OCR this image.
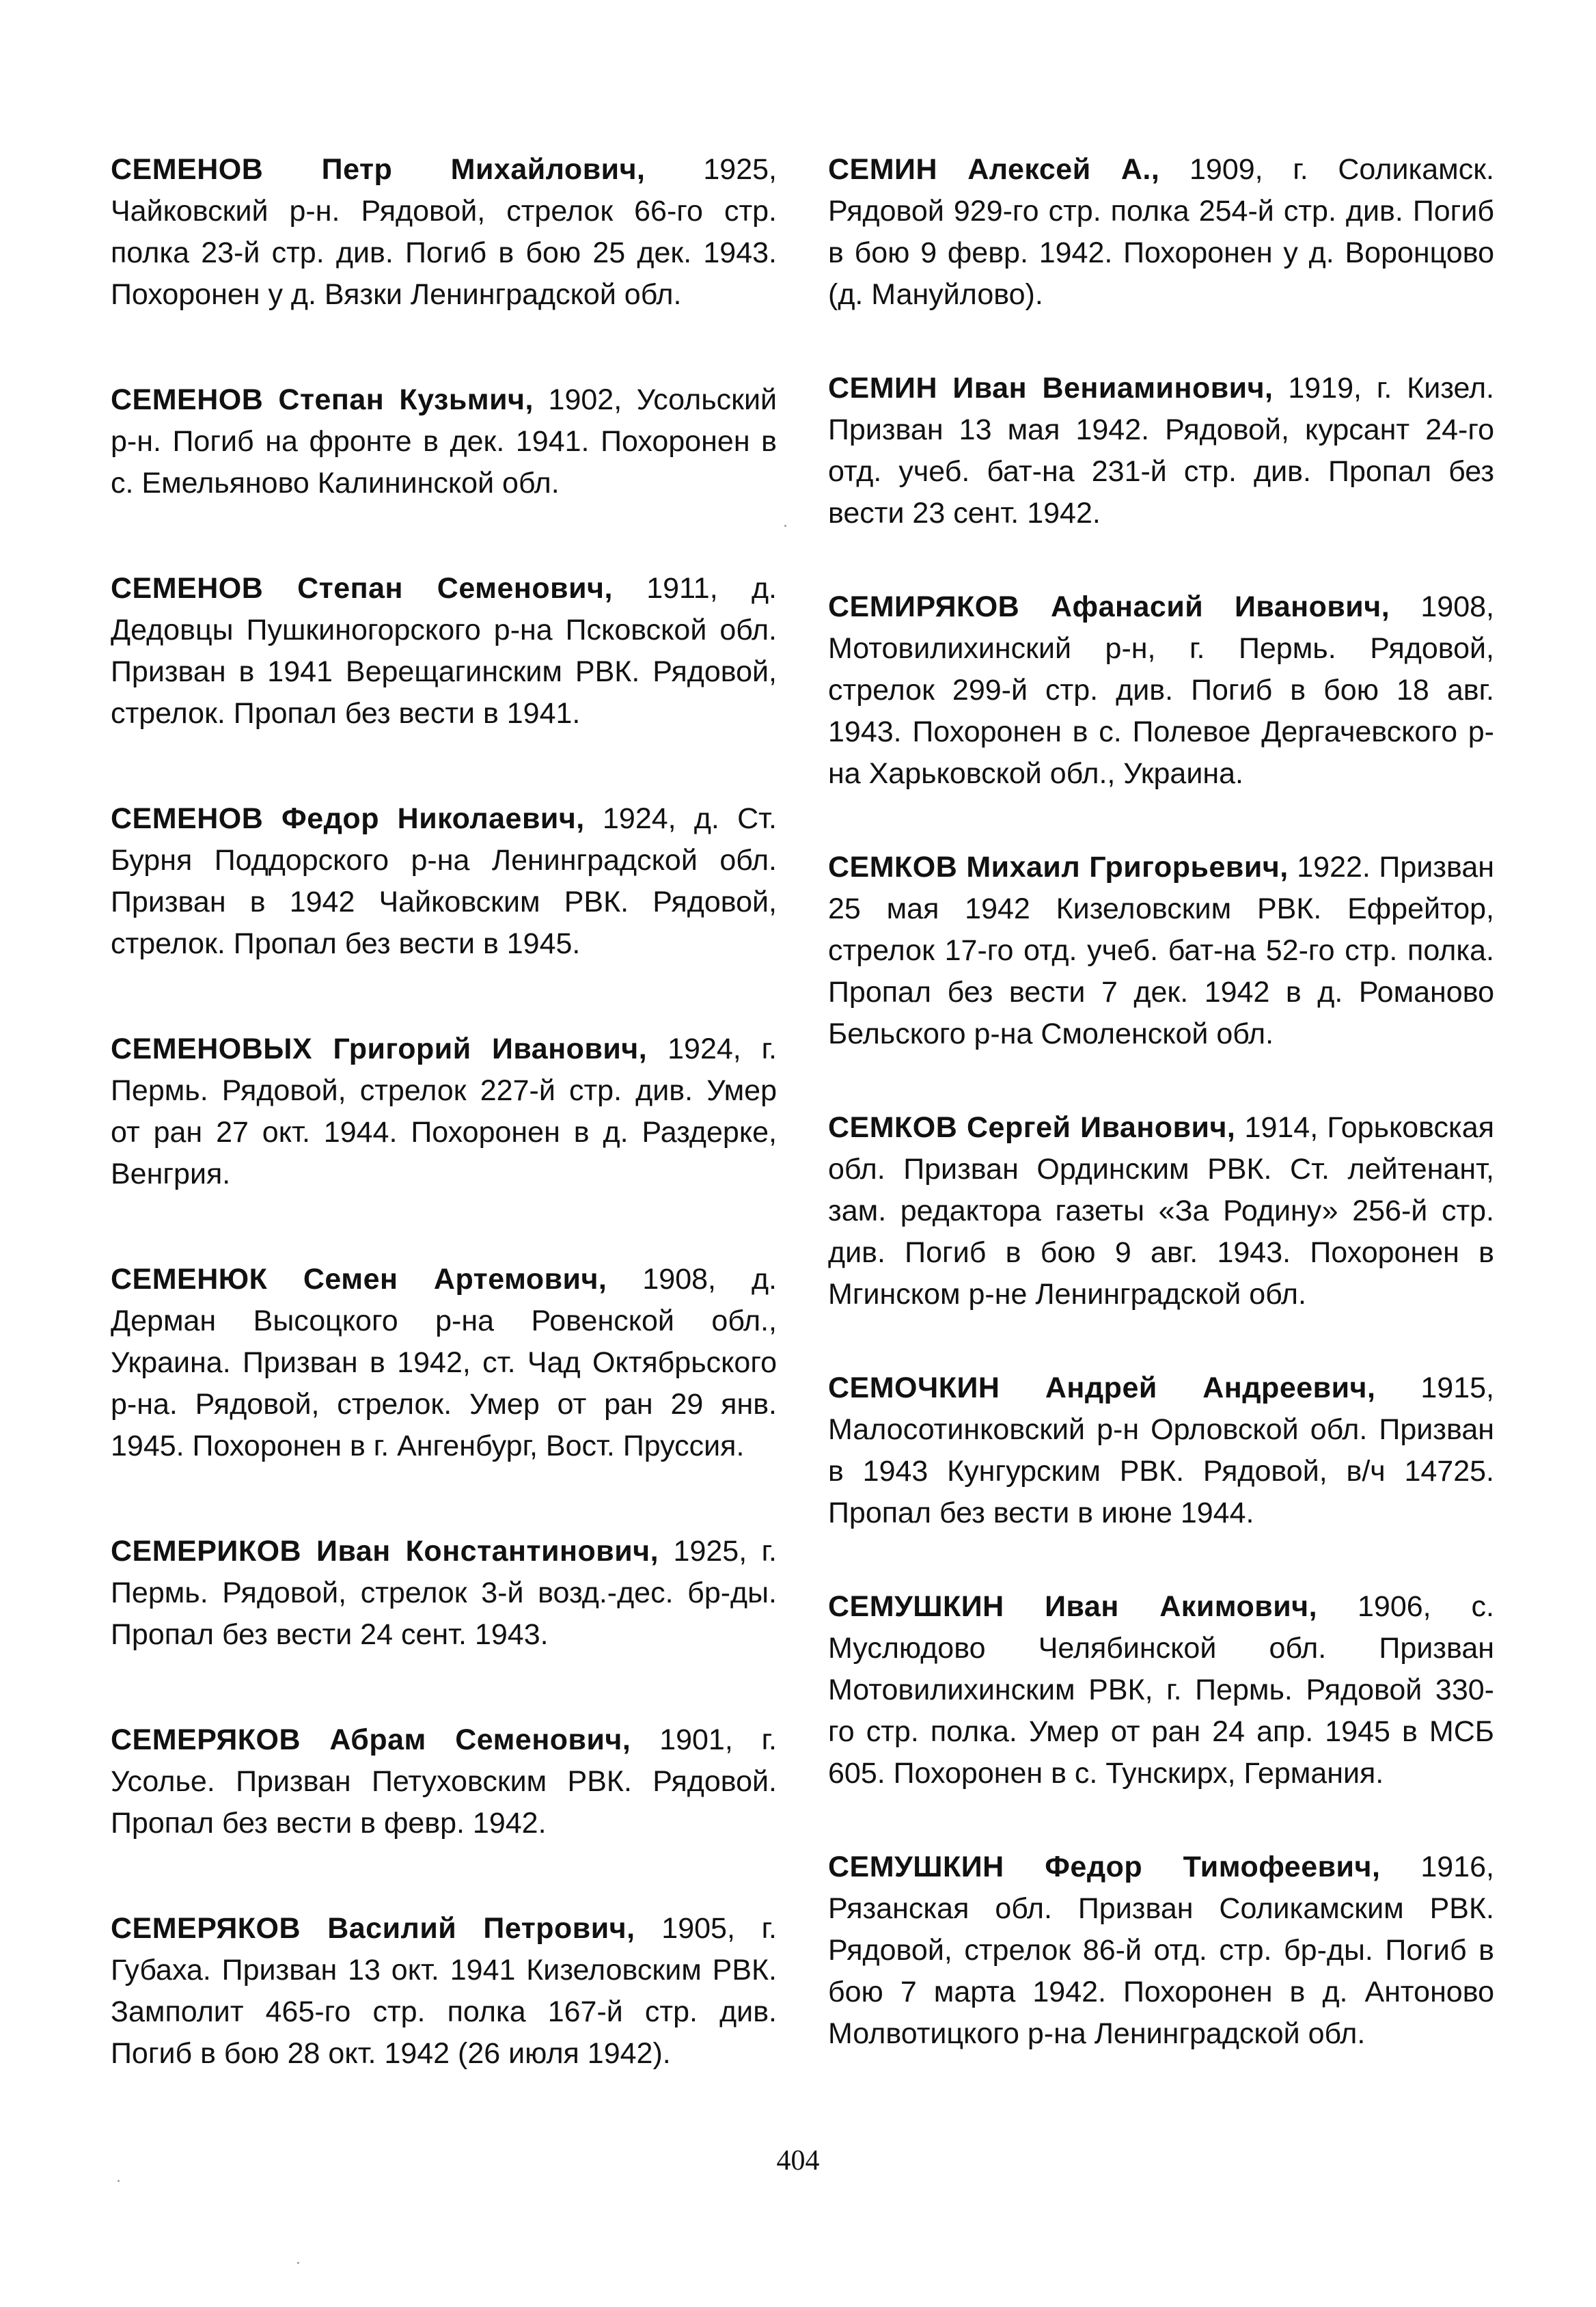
СЕМЕНОВ Петр Михайлович, 1925, Чайковский р-н. Рядовой, стрелок 66-го стр. полка 23-й стр. див. Погиб в бою 25 дек. 1943. Похоронен у д. Вязки Ленинградской обл.

СЕМЕНОВ Степан Кузьмич, 1902, Усольский р-н. Погиб на фронте в дек. 1941. Похоронен в с. Емельяново Калининской обл.

СЕМЕНОВ Степан Семенович, 1911, д. Дедовцы Пушкиногорского р-на Псковской обл. Призван в 1941 Верещагинским РВК. Рядовой, стрелок. Пропал без вести в 1941.

СЕМЕНОВ Федор Николаевич, 1924, д. Ст. Бурня Поддорского р-на Ленинградской обл. Призван в 1942 Чайковским РВК. Рядовой, стрелок. Пропал без вести в 1945.

СЕМЕНОВЫХ Григорий Иванович, 1924, г. Пермь. Рядовой, стрелок 227-й стр. див. Умер от ран 27 окт. 1944. Похоронен в д. Раздерке, Венгрия.

СЕМЕНЮК Семен Артемович, 1908, д. Дерман Высоцкого р-на Ровенской обл., Украина. Призван в 1942, ст. Чад Октябрьского р-на. Рядовой, стрелок. Умер от ран 29 янв. 1945. Похоронен в г. Ангенбург, Вост. Пруссия.

СЕМЕРИКОВ Иван Константинович, 1925, г. Пермь. Рядовой, стрелок 3-й возд.-дес. бр-ды. Пропал без вести 24 сент. 1943.

СЕМЕРЯКОВ Абрам Семенович, 1901, г. Усолье. Призван Петуховским РВК. Рядовой. Пропал без вести в февр. 1942.

СЕМЕРЯКОВ Василий Петрович, 1905, г. Губаха. Призван 13 окт. 1941 Кизеловским РВК. Замполит 465-го стр. полка 167-й стр. див. Погиб в бою 28 окт. 1942 (26 июля 1942).

СЕМИН Алексей А., 1909, г. Соликамск. Рядовой 929-го стр. полка 254-й стр. див. Погиб в бою 9 февр. 1942. Похоронен у д. Воронцово (д. Мануйлово).

СЕМИН Иван Вениаминович, 1919, г. Кизел. Призван 13 мая 1942. Рядовой, курсант 24-го отд. учеб. бат-на 231-й стр. див. Пропал без вести 23 сент. 1942.

СЕМИРЯКОВ Афанасий Иванович, 1908, Мотовилихинский р-н, г. Пермь. Рядовой, стрелок 299-й стр. див. Погиб в бою 18 авг. 1943. Похоронен в с. Полевое Дергачевского р-на Харьковской обл., Украина.

СЕМКОВ Михаил Григорьевич, 1922. Призван 25 мая 1942 Кизеловским РВК. Ефрейтор, стрелок 17-го отд. учеб. бат-на 52-го стр. полка. Пропал без вести 7 дек. 1942 в д. Романово Бельского р-на Смоленской обл.

СЕМКОВ Сергей Иванович, 1914, Горьковская обл. Призван Ординским РВК. Ст. лейтенант, зам. редактора газеты «За Родину» 256-й стр. див. Погиб в бою 9 авг. 1943. Похоронен в Мгинском р-не Ленинградской обл.

СЕМОЧКИН Андрей Андреевич, 1915, Малосотинковский р-н Орловской обл. Призван в 1943 Кунгурским РВК. Рядовой, в/ч 14725. Пропал без вести в июне 1944.

СЕМУШКИН Иван Акимович, 1906, с. Муслюдово Челябинской обл. Призван Мотовилихинским РВК, г. Пермь. Рядовой 330-го стр. полка. Умер от ран 24 апр. 1945 в МСБ 605. Похоронен в с. Тунскирх, Германия.

СЕМУШКИН Федор Тимофеевич, 1916, Рязанская обл. Призван Соликамским РВК. Рядовой, стрелок 86-й отд. стр. бр-ды. Погиб в бою 7 марта 1942. Похоронен в д. Антоново Молвотицкого р-на Ленинградской обл.

404
